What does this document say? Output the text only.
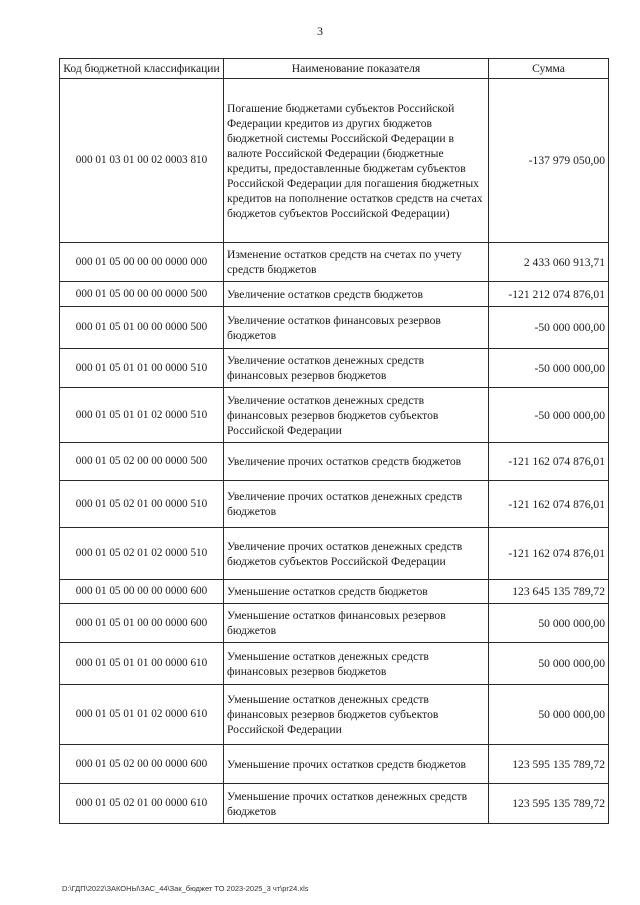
3
Код бюджетной классификации	Наименование показателя	Сумма
000 01 03 01 00 02 0003 810	Погашение бюджетами субъектов Российской Федерации кредитов из других бюджетов бюджетной системы Российской Федерации в валюте Российской Федерации (бюджетные кредиты, предоставленные бюджетам субъектов Российской Федерации для погашения бюджетных кредитов на пополнение остатков средств на счетах бюджетов субъектов Российской Федерации)	-137 979 050,00
000 01 05 00 00 00 0000 000	Изменение остатков средств на счетах по учету средств бюджетов	2 433 060 913,71
000 01 05 00 00 00 0000 500	Увеличение остатков средств бюджетов	-121 212 074 876,01
000 01 05 01 00 00 0000 500	Увеличение остатков финансовых резервов бюджетов	-50 000 000,00
000 01 05 01 01 00 0000 510	Увеличение остатков денежных средств финансовых резервов бюджетов	-50 000 000,00
000 01 05 01 01 02 0000 510	Увеличение остатков денежных средств финансовых резервов бюджетов субъектов Российской Федерации	-50 000 000,00
000 01 05 02 00 00 0000 500	Увеличение прочих остатков средств бюджетов	-121 162 074 876,01
000 01 05 02 01 00 0000 510	Увеличение прочих остатков денежных средств бюджетов	-121 162 074 876,01
000 01 05 02 01 02 0000 510	Увеличение прочих остатков денежных средств бюджетов субъектов Российской Федерации	-121 162 074 876,01
000 01 05 00 00 00 0000 600	Уменьшение остатков средств бюджетов	123 645 135 789,72
000 01 05 01 00 00 0000 600	Уменьшение остатков финансовых резервов бюджетов	50 000 000,00
000 01 05 01 01 00 0000 610	Уменьшение остатков денежных средств финансовых резервов бюджетов	50 000 000,00
000 01 05 01 01 02 0000 610	Уменьшение остатков денежных средств финансовых резервов бюджетов субъектов Российской Федерации	50 000 000,00
000 01 05 02 00 00 0000 600	Уменьшение прочих остатков средств бюджетов	123 595 135 789,72
000 01 05 02 01 00 0000 610	Уменьшение прочих остатков денежных средств бюджетов	123 595 135 789,72
D:\ГДП\2022\ЗАКОНЫ\ЗАС_44\Зак_бюджет ТО 2023-2025_3 чт\pr24.xls
